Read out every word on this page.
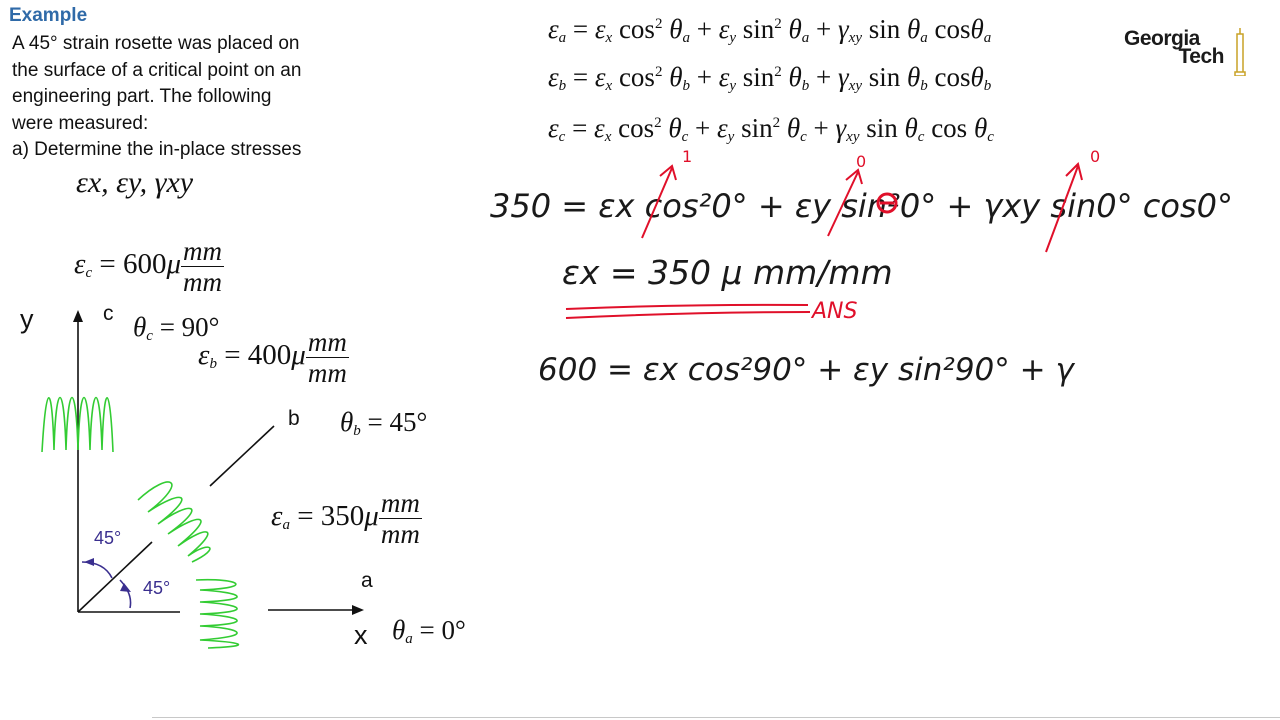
Example
A 45° strain rosette was placed on
the surface of a critical point on an
engineering part. The following
were measured:
a) Determine the in-place stresses
εx, εy, γxy
$\varepsilon_c = 600\mu \frac{mm}{mm}$
$\theta_c = 90^\circ$
$\varepsilon_b = 400\mu \frac{mm}{mm}$
$\theta_b = 45^\circ$
$\varepsilon_a = 350\mu \frac{mm}{mm}$
$\theta_a = 0^\circ$
y
x
c
b
a
45°
45°
$\varepsilon_a = \varepsilon_x$ $\cos^2 \theta_a + \varepsilon_y$ $\sin^2 \theta_a + \gamma_{xy}$ $\sin \theta_a$ cosθ$_a$
$\varepsilon_b = \varepsilon_x$ $\cos^2 \theta_b + \varepsilon_y$ $\sin^2 \theta_b + \gamma_{xy}$ $\sin \theta_b$ cosθ$_b$
$\varepsilon_c = \varepsilon_x$ $\cos^2 \theta_c + \varepsilon_y$ $\sin^2 \theta_c + \gamma_{xy}$ $\sin \theta_c$ $\cos \theta_c$
Georgia
Tech
350 = εx cos²0° + εy sin²0° + γxy sin0° cos0°
εx = 350 μ mm/mm
ANS
1	0	0
600 = εx cos²90° + εy sin²90° + γ
